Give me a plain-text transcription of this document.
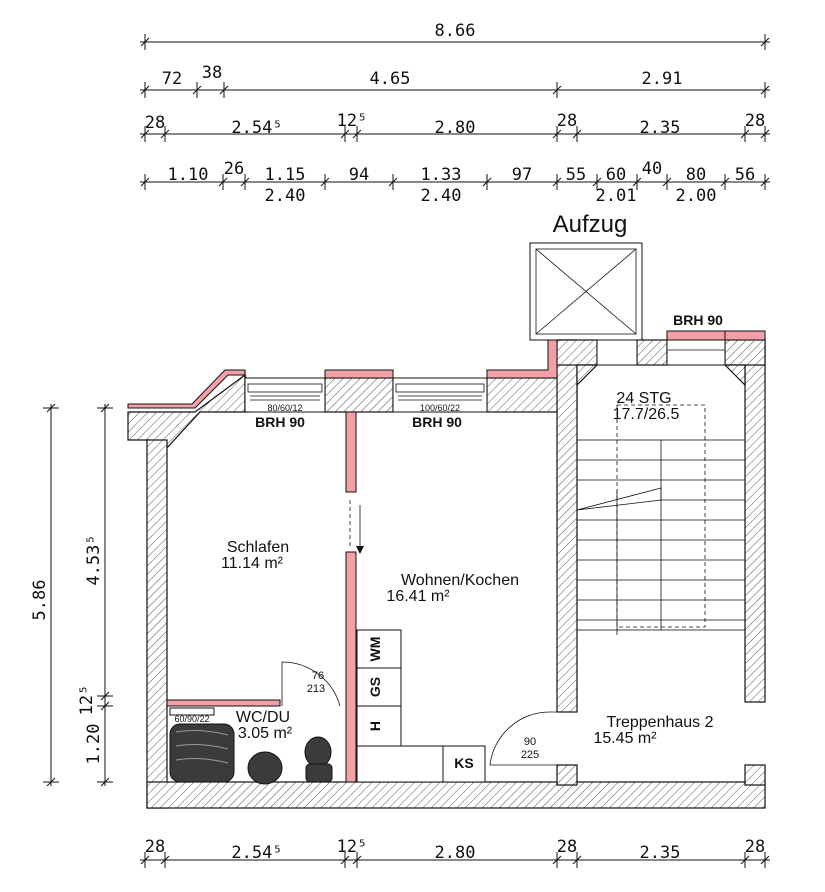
8.66
72 38	4.65	2.91
28	2.54⁵	12⁵	2.80	28	2.35	28
1.10 26 1.15	94	1.33	97 55 60 40 80 56
2.40	2.40	2.01 2.00
Aufzug
80/60/12
BRH 90
100/60/22
BRH 90
BRH 90
76
213
90
225
24 STG
17.7/26.5
WM
GS
H
KS
60/90/22
Schlafen
11.14 m²
Wohnen/Kochen
16.41 m²
WC/DU
3.05 m²
Treppenhaus 2
15.45 m²
5.86
4.53⁵
12⁵
1.20
28	2.54⁵	12⁵	2.80	28	2.35	28
